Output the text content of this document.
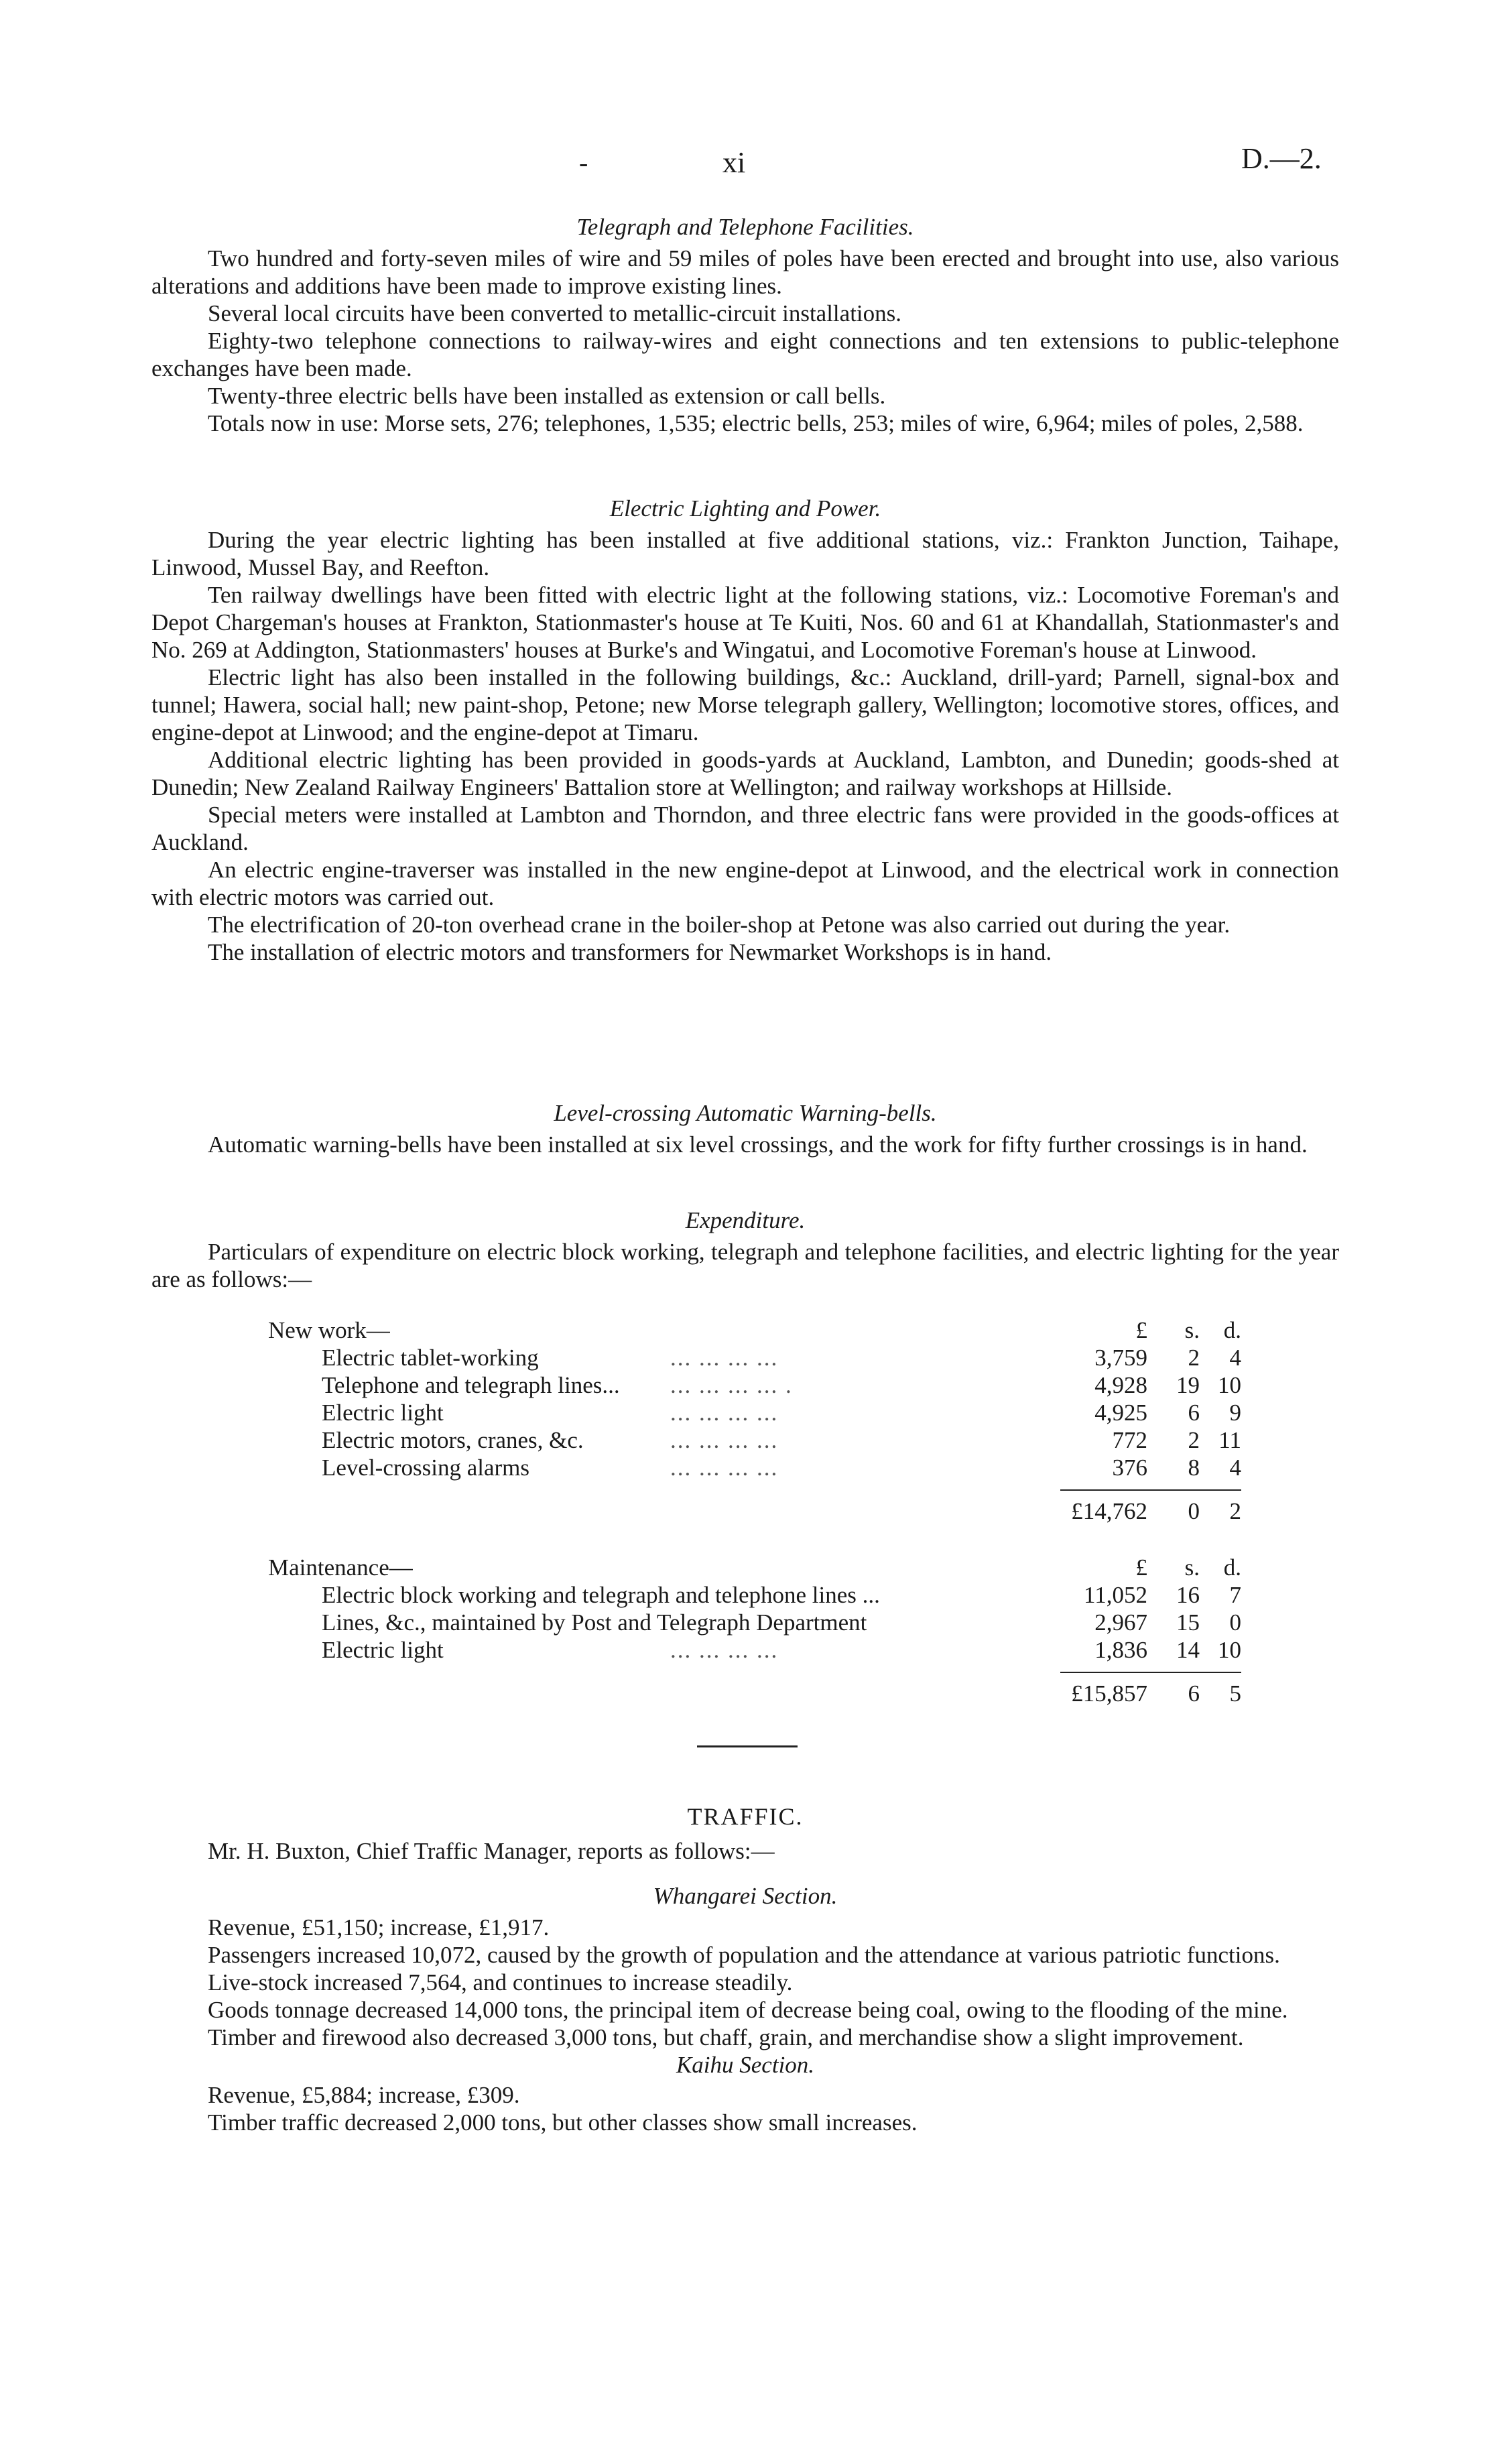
-	xi	D.—2.
Telegraph and Telephone Facilities.

Two hundred and forty-seven miles of wire and 59 miles of poles have been erected and brought into use, also various alterations and additions have been made to improve existing lines.

Several local circuits have been converted to metallic-circuit installations.

Eighty-two telephone connections to railway-wires and eight connections and ten extensions to public-telephone exchanges have been made.

Twenty-three electric bells have been installed as extension or call bells.

Totals now in use: Morse sets, 276; telephones, 1,535; electric bells, 253; miles of wire, 6,964; miles of poles, 2,588.

Electric Lighting and Power.

During the year electric lighting has been installed at five additional stations, viz.: Frankton Junction, Taihape, Linwood, Mussel Bay, and Reefton.

Ten railway dwellings have been fitted with electric light at the following stations, viz.: Locomotive Foreman's and Depot Chargeman's houses at Frankton, Stationmaster's house at Te Kuiti, Nos. 60 and 61 at Khandallah, Stationmaster's and No. 269 at Addington, Stationmasters' houses at Burke's and Wingatui, and Locomotive Foreman's house at Linwood.

Electric light has also been installed in the following buildings, &c.: Auckland, drill-yard; Parnell, signal-box and tunnel; Hawera, social hall; new paint-shop, Petone; new Morse telegraph gallery, Wellington; locomotive stores, offices, and engine-depot at Linwood; and the engine-depot at Timaru.

Additional electric lighting has been provided in goods-yards at Auckland, Lambton, and Dunedin; goods-shed at Dunedin; New Zealand Railway Engineers' Battalion store at Wellington; and railway workshops at Hillside.

Special meters were installed at Lambton and Thorndon, and three electric fans were provided in the goods-offices at Auckland.

An electric engine-traverser was installed in the new engine-depot at Linwood, and the electrical work in connection with electric motors was carried out.

The electrification of 20-ton overhead crane in the boiler-shop at Petone was also carried out during the year.

The installation of electric motors and transformers for Newmarket Workshops is in hand.

Level-crossing Automatic Warning-bells.

Automatic warning-bells have been installed at six level crossings, and the work for fifty further crossings is in hand.

Expenditure.

Particulars of expenditure on electric block working, telegraph and telephone facilities, and electric lighting for the year are as follows:—

New work—	£	s.	d.
Electric tablet-working	... ... ... ...	3,759	2	4
Telephone and telegraph lines... ... ... ... ... .	4,928	19 10
Electric light	... ... ... ...	4,925	6	9
Electric motors, cranes, &c.	... ... ... ...	772	2 11
Level-crossing alarms	... ... ... ...	376	8	4
£14,762	0	2
Maintenance—	£	s.	d.
Electric block working and telegraph and telephone lines ...	11,052	16	7
Lines, &c., maintained by Post and Telegraph Department	2,967	15	0
Electric light	... ... ... ...	1,836	14 10
£15,857	6	5
TRAFFIC.

Mr. H. Buxton, Chief Traffic Manager, reports as follows:—

Whangarei Section.

Revenue, £51,150; increase, £1,917.

Passengers increased 10,072, caused by the growth of population and the attendance at various patriotic functions.

Live-stock increased 7,564, and continues to increase steadily.

Goods tonnage decreased 14,000 tons, the principal item of decrease being coal, owing to the flooding of the mine.

Timber and firewood also decreased 3,000 tons, but chaff, grain, and merchandise show a slight improvement.

Kaihu Section.

Revenue, £5,884; increase, £309.

Timber traffic decreased 2,000 tons, but other classes show small increases.
